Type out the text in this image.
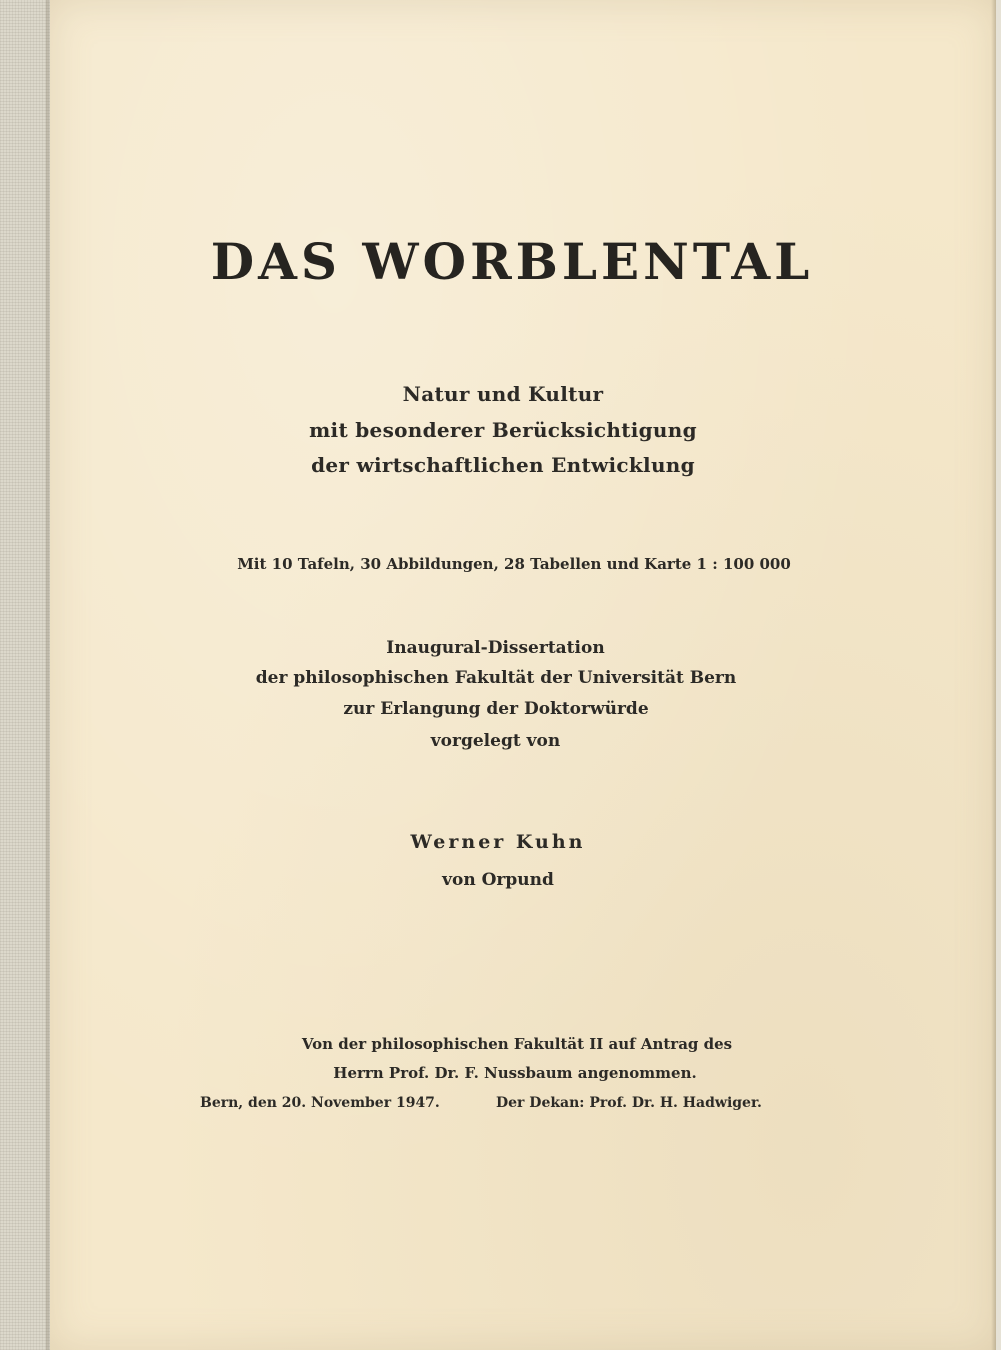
DAS WORBLENTAL
Natur und Kultur
mit besonderer Berücksichtigung
der wirtschaftlichen Entwicklung
Mit 10 Tafeln, 30 Abbildungen, 28 Tabellen und Karte 1 : 100 000
Inaugural-Dissertation
der philosophischen Fakultät der Universität Bern
zur Erlangung der Doktorwürde
vorgelegt von
Werner Kuhn
von Orpund
Von der philosophischen Fakultät II auf Antrag des
Herrn Prof. Dr. F. Nussbaum angenommen.
Bern, den 20. November 1947.	Der Dekan: Prof. Dr. H. Hadwiger.
